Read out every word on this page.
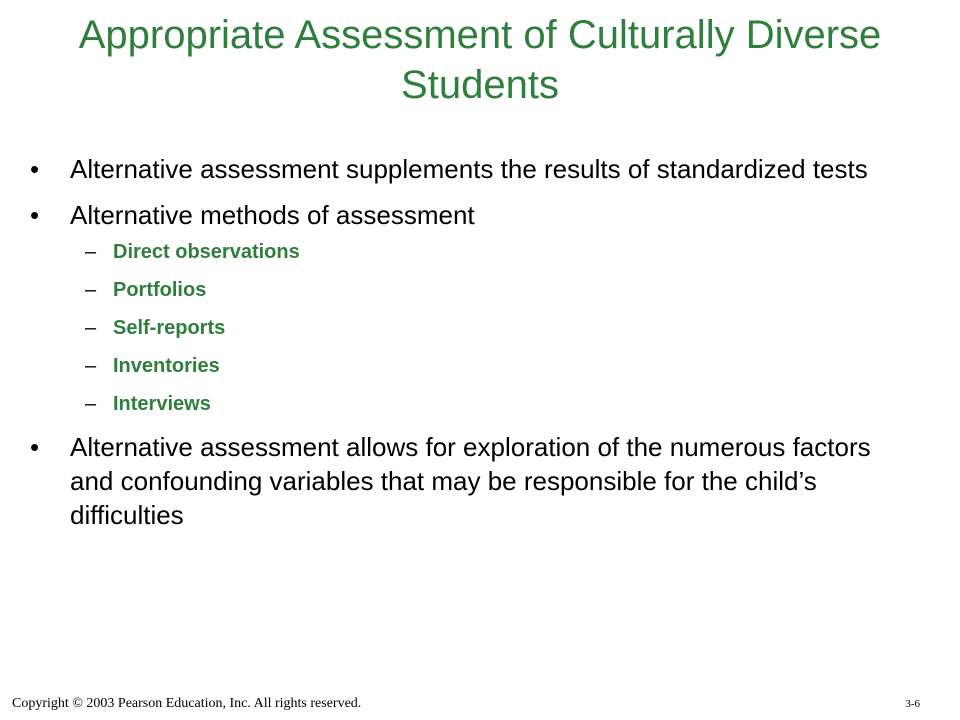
Appropriate Assessment of Culturally Diverse Students
•	Alternative assessment supplements the results of standardized tests
•	Alternative methods of assessment
– Direct observations
– Portfolios
– Self-reports
– Inventories
– Interviews
•	Alternative assessment allows for exploration of the numerous factors and confounding variables that may be responsible for the child’s difficulties
Copyright © 2003 Pearson Education, Inc. All rights reserved.	3-6
